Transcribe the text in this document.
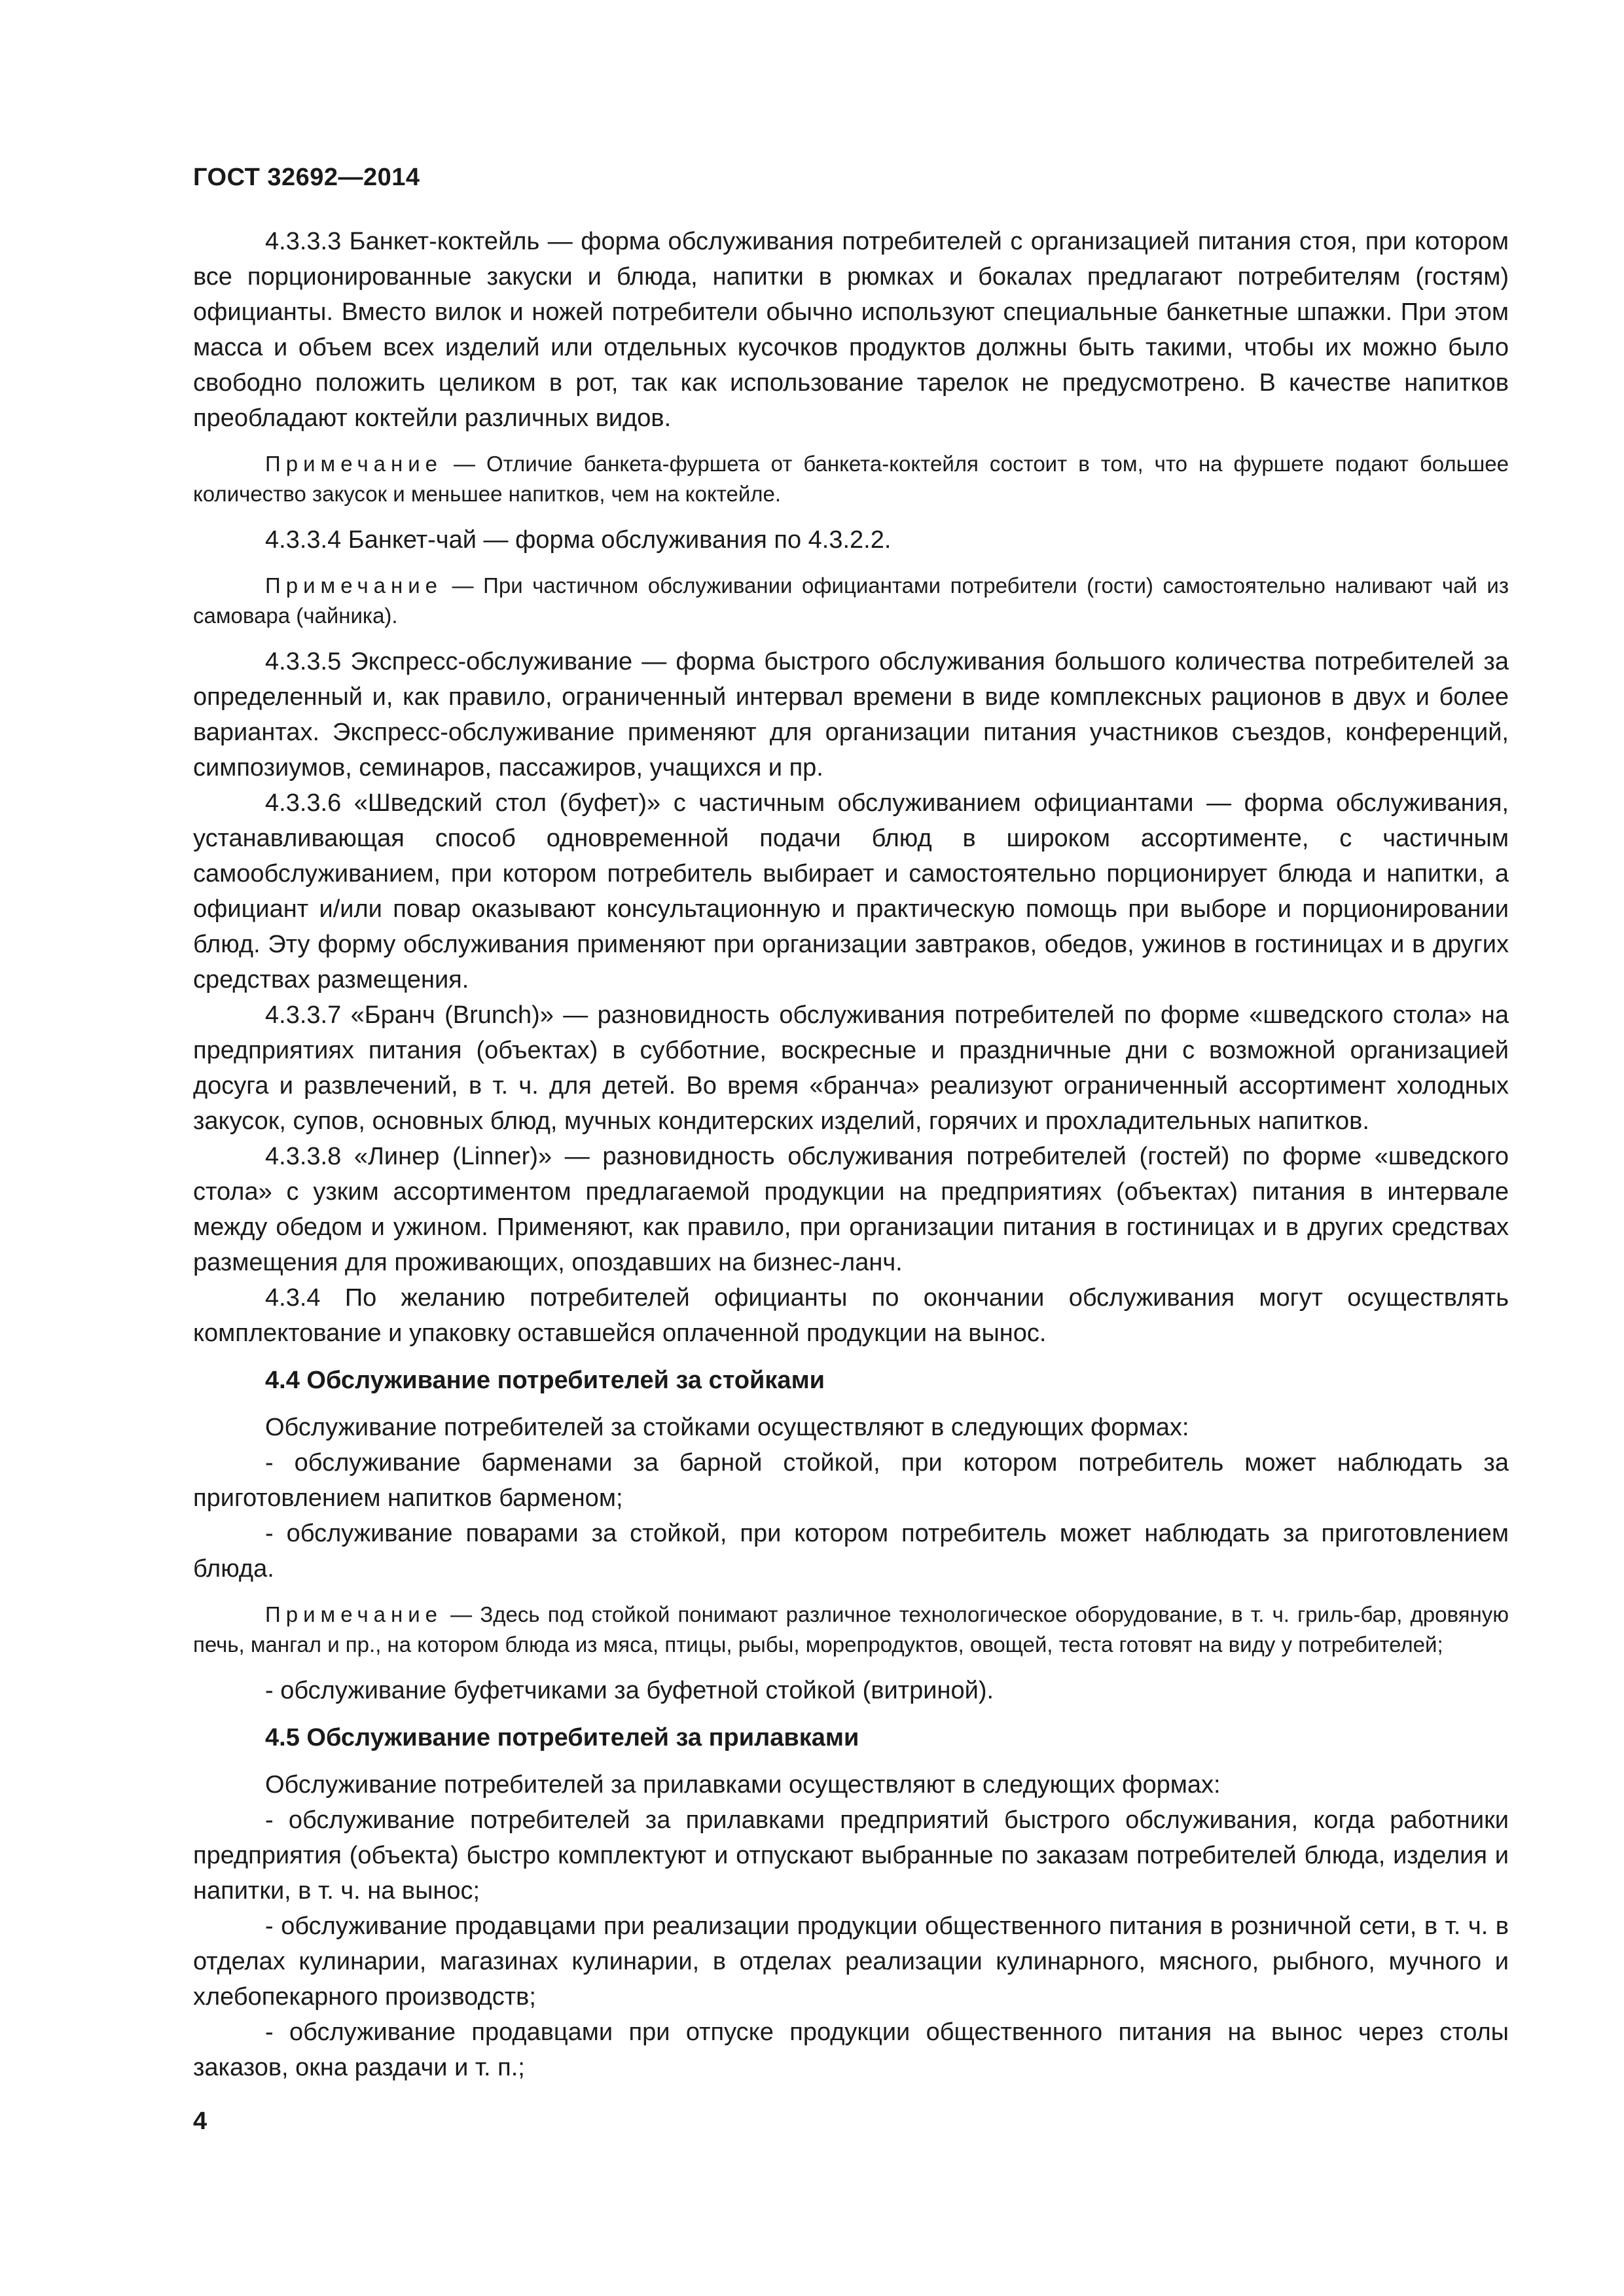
ГОСТ 32692—2014

4.3.3.3 Банкет-коктейль — форма обслуживания потребителей с организацией питания стоя, при котором все порционированные закуски и блюда, напитки в рюмках и бокалах предлагают потребителям (гостям) официанты. Вместо вилок и ножей потребители обычно используют специальные банкетные шпажки. При этом масса и объем всех изделий или отдельных кусочков продуктов должны быть такими, чтобы их можно было свободно положить целиком в рот, так как использование тарелок не предусмотрено. В качестве напитков преобладают коктейли различных видов.

Примечание — Отличие банкета-фуршета от банкета-коктейля состоит в том, что на фуршете подают большее количество закусок и меньшее напитков, чем на коктейле.

4.3.3.4 Банкет-чай — форма обслуживания по 4.3.2.2.

Примечание — При частичном обслуживании официантами потребители (гости) самостоятельно наливают чай из самовара (чайника).

4.3.3.5 Экспресс-обслуживание — форма быстрого обслуживания большого количества потребителей за определенный и, как правило, ограниченный интервал времени в виде комплексных рационов в двух и более вариантах. Экспресс-обслуживание применяют для организации питания участников съездов, конференций, симпозиумов, семинаров, пассажиров, учащихся и пр.

4.3.3.6 «Шведский стол (буфет)» с частичным обслуживанием официантами — форма обслуживания, устанавливающая способ одновременной подачи блюд в широком ассортименте, с частичным самообслуживанием, при котором потребитель выбирает и самостоятельно порционирует блюда и напитки, а официант и/или повар оказывают консультационную и практическую помощь при выборе и порционировании блюд. Эту форму обслуживания применяют при организации завтраков, обедов, ужинов в гостиницах и в других средствах размещения.

4.3.3.7 «Бранч (Brunch)» — разновидность обслуживания потребителей по форме «шведского стола» на предприятиях питания (объектах) в субботние, воскресные и праздничные дни с возможной организацией досуга и развлечений, в т. ч. для детей. Во время «бранча» реализуют ограниченный ассортимент холодных закусок, супов, основных блюд, мучных кондитерских изделий, горячих и прохладительных напитков.

4.3.3.8 «Линер (Linner)» — разновидность обслуживания потребителей (гостей) по форме «шведского стола» с узким ассортиментом предлагаемой продукции на предприятиях (объектах) питания в интервале между обедом и ужином. Применяют, как правило, при организации питания в гостиницах и в других средствах размещения для проживающих, опоздавших на бизнес-ланч.

4.3.4 По желанию потребителей официанты по окончании обслуживания могут осуществлять комплектование и упаковку оставшейся оплаченной продукции на вынос.

4.4 Обслуживание потребителей за стойками

Обслуживание потребителей за стойками осуществляют в следующих формах:

- обслуживание барменами за барной стойкой, при котором потребитель может наблюдать за приготовлением напитков барменом;

- обслуживание поварами за стойкой, при котором потребитель может наблюдать за приготовлением блюда.

Примечание — Здесь под стойкой понимают различное технологическое оборудование, в т. ч. гриль-бар, дровяную печь, мангал и пр., на котором блюда из мяса, птицы, рыбы, морепродуктов, овощей, теста готовят на виду у потребителей;

- обслуживание буфетчиками за буфетной стойкой (витриной).

4.5 Обслуживание потребителей за прилавками

Обслуживание потребителей за прилавками осуществляют в следующих формах:

- обслуживание потребителей за прилавками предприятий быстрого обслуживания, когда работники предприятия (объекта) быстро комплектуют и отпускают выбранные по заказам потребителей блюда, изделия и напитки, в т. ч. на вынос;

- обслуживание продавцами при реализации продукции общественного питания в розничной сети, в т. ч. в отделах кулинарии, магазинах кулинарии, в отделах реализации кулинарного, мясного, рыбного, мучного и хлебопекарного производств;

- обслуживание продавцами при отпуске продукции общественного питания на вынос через столы заказов, окна раздачи и т. п.;

4
